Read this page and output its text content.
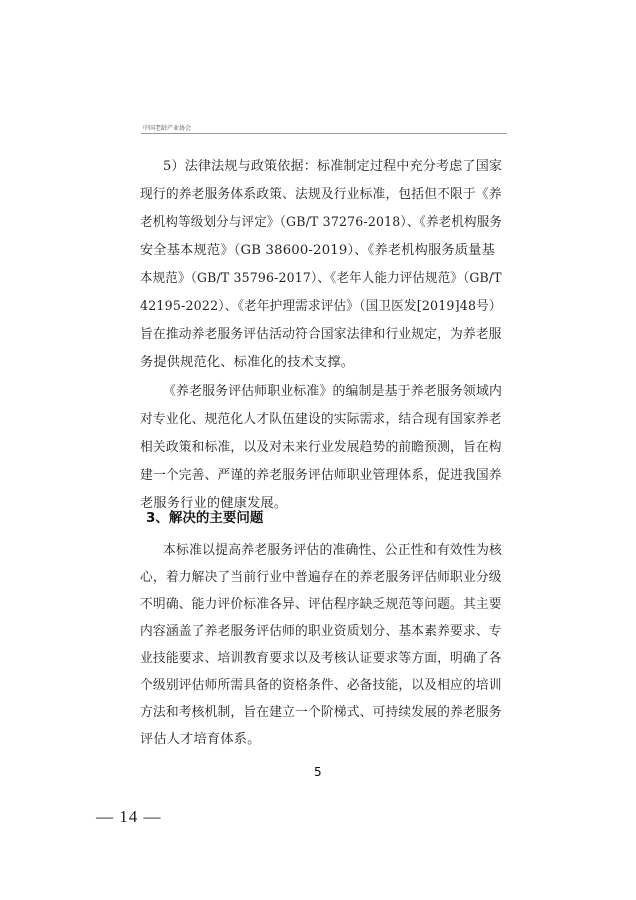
中国老龄产业协会
5）法律法规与政策依据：标准制定过程中充分考虑了国家
现行的养老服务体系政策、法规及行业标准，包括但不限于《养
老机构等级划分与评定》（GB/T 37276-2018）、《养老机构服务
安全基本规范》（GB 38600-2019）、《养老机构服务质量基
本规范》（GB/T 35796-2017）、《老年人能力评估规范》（GB/T
42195-2022）、《老年护理需求评估》（国卫医发[2019]48号）
旨在推动养老服务评估活动符合国家法律和行业规定，为养老服
务提供规范化、标准化的技术支撑。
《养老服务评估师职业标准》的编制是基于养老服务领域内
对专业化、规范化人才队伍建设的实际需求，结合现有国家养老
相关政策和标准，以及对未来行业发展趋势的前瞻预测，旨在构
建一个完善、严谨的养老服务评估师职业管理体系，促进我国养
老服务行业的健康发展。
3、解决的主要问题
本标准以提高养老服务评估的准确性、公正性和有效性为核
心，着力解决了当前行业中普遍存在的养老服务评估师职业分级
不明确、能力评价标准各异、评估程序缺乏规范等问题。其主要
内容涵盖了养老服务评估师的职业资质划分、基本素养要求、专
业技能要求、培训教育要求以及考核认证要求等方面，明确了各
个级别评估师所需具备的资格条件、必备技能，以及相应的培训
方法和考核机制，旨在建立一个阶梯式、可持续发展的养老服务
评估人才培育体系。
5
— 14 —
